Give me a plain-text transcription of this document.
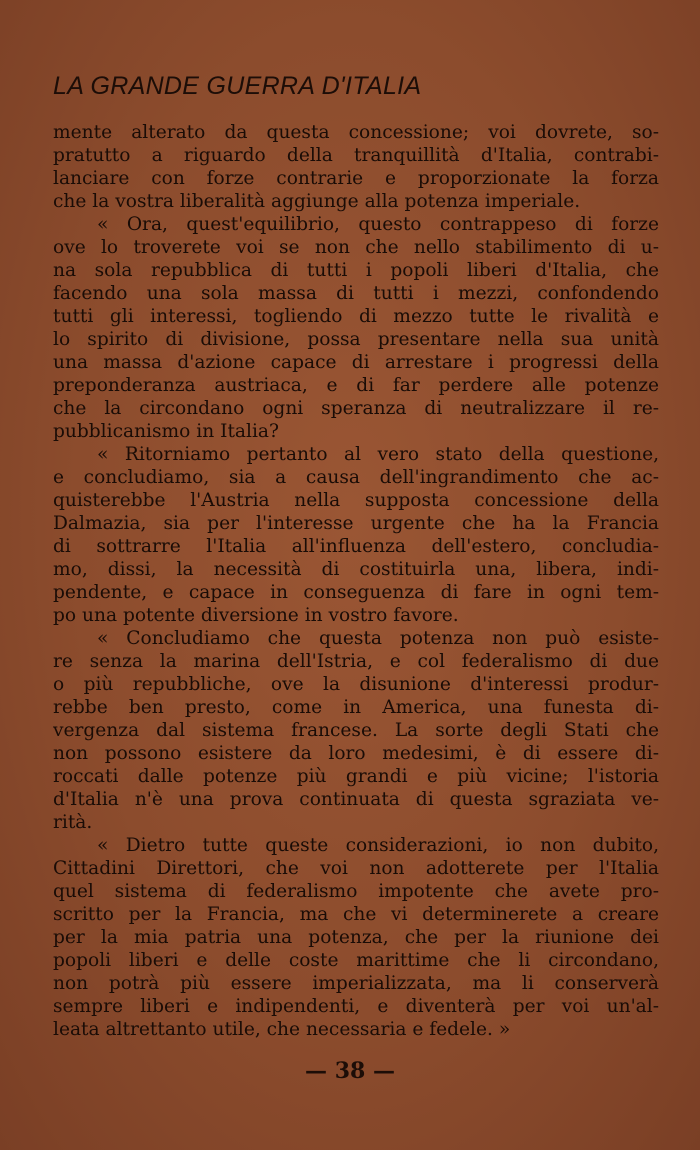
LA GRANDE GUERRA D'ITALIA
mente alterato da questa concessione; voi dovrete, so-
pratutto a riguardo della tranquillità d'Italia, contrabi-
lanciare con forze contrarie e proporzionate la forza
che la vostra liberalità aggiunge alla potenza imperiale.
« Ora, quest'equilibrio, questo contrappeso di forze
ove lo troverete voi se non che nello stabilimento di u-
na sola repubblica di tutti i popoli liberi d'Italia, che
facendo una sola massa di tutti i mezzi, confondendo
tutti gli interessi, togliendo di mezzo tutte le rivalità e
lo spirito di divisione, possa presentare nella sua unità
una massa d'azione capace di arrestare i progressi della
preponderanza austriaca, e di far perdere alle potenze
che la circondano ogni speranza di neutralizzare il re-
pubblicanismo in Italia?
« Ritorniamo pertanto al vero stato della questione,
e concludiamo, sia a causa dell'ingrandimento che ac-
quisterebbe l'Austria nella supposta concessione della
Dalmazia, sia per l'interesse urgente che ha la Francia
di sottrarre l'Italia all'influenza dell'estero, concludia-
mo, dissi, la necessità di costituirla una, libera, indi-
pendente, e capace in conseguenza di fare in ogni tem-
po una potente diversione in vostro favore.
« Concludiamo che questa potenza non può esiste-
re senza la marina dell'Istria, e col federalismo di due
o più repubbliche, ove la disunione d'interessi produr-
rebbe ben presto, come in America, una funesta di-
vergenza dal sistema francese. La sorte degli Stati che
non possono esistere da loro medesimi, è di essere di-
roccati dalle potenze più grandi e più vicine; l'istoria
d'Italia n'è una prova continuata di questa sgraziata ve-
rità.
« Dietro tutte queste considerazioni, io non dubito,
Cittadini Direttori, che voi non adotterete per l'Italia
quel sistema di federalismo impotente che avete pro-
scritto per la Francia, ma che vi determinerete a creare
per la mia patria una potenza, che per la riunione dei
popoli liberi e delle coste marittime che li circondano,
non potrà più essere imperializzata, ma li conserverà
sempre liberi e indipendenti, e diventerà per voi un'al-
leata altrettanto utile, che necessaria e fedele. »
— 38 —
